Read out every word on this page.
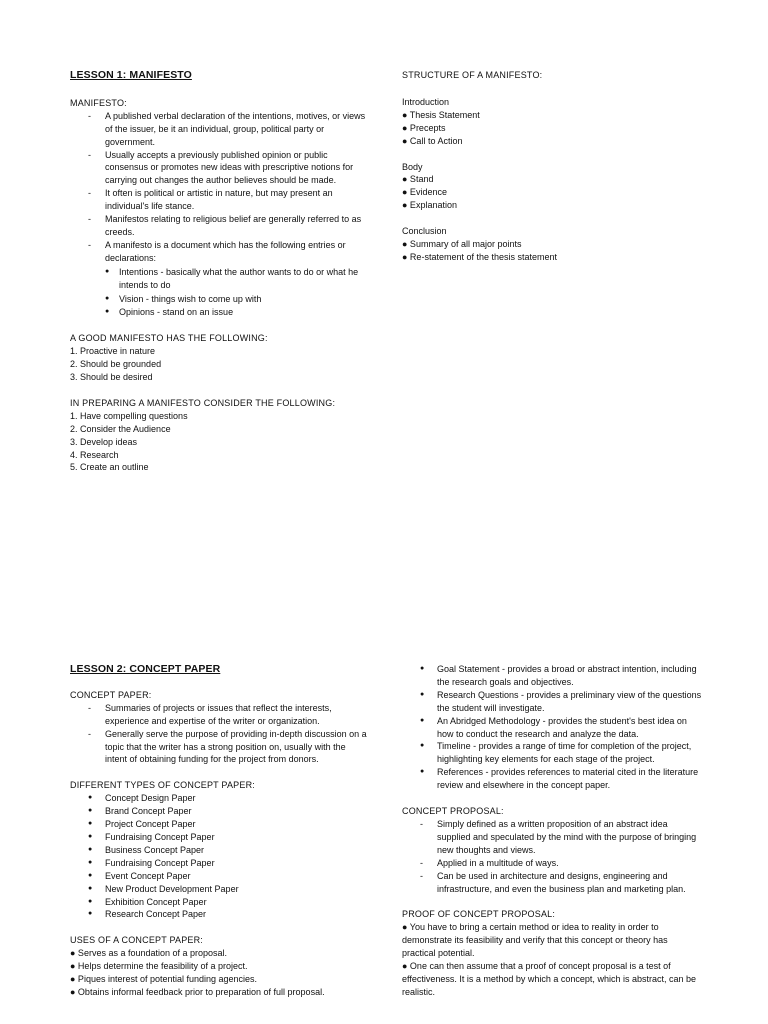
LESSON 1: MANIFESTO
MANIFESTO:
- A published verbal declaration of the intentions, motives, or views of the issuer, be it an individual, group, political party or government.
- Usually accepts a previously published opinion or public consensus or promotes new ideas with prescriptive notions for carrying out changes the author believes should be made.
- It often is political or artistic in nature, but may present an individual's life stance.
- Manifestos relating to religious belief are generally referred to as creeds.
- A manifesto is a document which has the following entries or declarations:
● Intentions - basically what the author wants to do or what he intends to do
● Vision - things wish to come up with
● Opinions - stand on an issue
A GOOD MANIFESTO HAS THE FOLLOWING:

1. Proactive in nature

2. Should be grounded

3. Should be desired

IN PREPARING A MANIFESTO CONSIDER THE FOLLOWING:

1. Have compelling questions

2. Consider the Audience

3. Develop ideas

4. Research

5. Create an outline

STRUCTURE OF A MANIFESTO:

Introduction

● Thesis Statement

● Precepts

● Call to Action

Body

● Stand

● Evidence

● Explanation

Conclusion

● Summary of all major points

● Re-statement of the thesis statement

LESSON 2: CONCEPT PAPER
CONCEPT PAPER:
- Summaries of projects or issues that reflect the interests, experience and expertise of the writer or organization.
- Generally serve the purpose of providing in-depth discussion on a topic that the writer has a strong position on, usually with the intent of obtaining funding for the project from donors.
DIFFERENT TYPES OF CONCEPT PAPER:
● Concept Design Paper
● Brand Concept Paper
● Project Concept Paper
● Fundraising Concept Paper
● Business Concept Paper
● Fundraising Concept Paper
● Event Concept Paper
● New Product Development Paper
● Exhibition Concept Paper
● Research Concept Paper
USES OF A CONCEPT PAPER:

● Serves as a foundation of a proposal.

● Helps determine the feasibility of a project.

● Piques interest of potential funding agencies.

● Obtains informal feedback prior to preparation of full proposal.

● Goal Statement - provides a broad or abstract intention, including the research goals and objectives.
● Research Questions - provides a preliminary view of the questions the student will investigate.
● An Abridged Methodology - provides the student's best idea on how to conduct the research and analyze the data.
● Timeline - provides a range of time for completion of the project, highlighting key elements for each stage of the project.
● References - provides references to material cited in the literature review and elsewhere in the concept paper.
CONCEPT PROPOSAL:
- Simply defined as a written proposition of an abstract idea supplied and speculated by the mind with the purpose of bringing new thoughts and views.
- Applied in a multitude of ways.
- Can be used in architecture and designs, engineering and infrastructure, and even the business plan and marketing plan.
PROOF OF CONCEPT PROPOSAL:

● You have to bring a certain method or idea to reality in order to demonstrate its feasibility and verify that this concept or theory has practical potential.

● One can then assume that a proof of concept proposal is a test of effectiveness. It is a method by which a concept, which is abstract, can be realistic.
